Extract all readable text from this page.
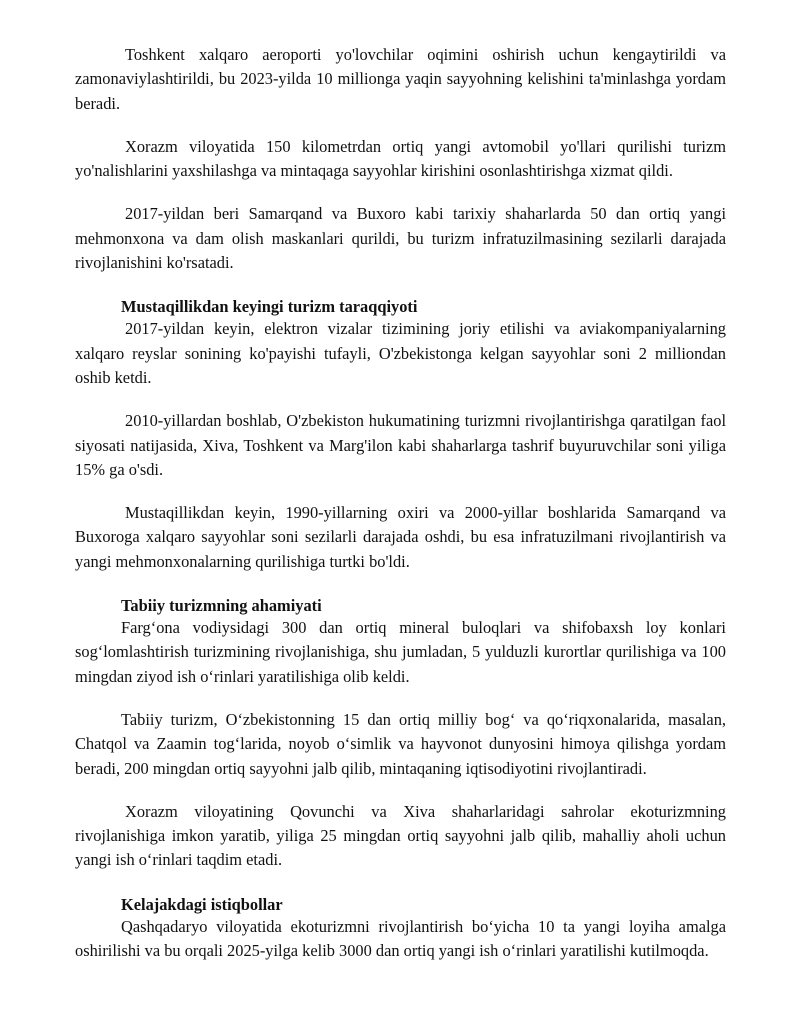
Toshkent xalqaro aeroporti yo'lovchilar oqimini oshirish uchun kengaytirildi va zamonaviylashtirildi, bu 2023-yilda 10 millionga yaqin sayyohning kelishini ta'minlashga yordam beradi.

Xorazm viloyatida 150 kilometrdan ortiq yangi avtomobil yo'llari qurilishi turizm yo'nalishlarini yaxshilashga va mintaqaga sayyohlar kirishini osonlashtirishga xizmat qildi.

2017-yildan beri Samarqand va Buxoro kabi tarixiy shaharlarda 50 dan ortiq yangi mehmonxona va dam olish maskanlari qurildi, bu turizm infratuzilmasining sezilarli darajada rivojlanishini ko'rsatadi.

Mustaqillikdan keyingi turizm taraqqiyoti

2017-yildan keyin, elektron vizalar tizimining joriy etilishi va aviakompaniyalarning xalqaro reyslar sonining ko'payishi tufayli, O'zbekistonga kelgan sayyohlar soni 2 milliondan oshib ketdi.

2010-yillardan boshlab, O'zbekiston hukumatining turizmni rivojlantirishga qaratilgan faol siyosati natijasida, Xiva, Toshkent va Marg'ilon kabi shaharlarga tashrif buyuruvchilar soni yiliga 15% ga o'sdi.

Mustaqillikdan keyin, 1990-yillarning oxiri va 2000-yillar boshlarida Samarqand va Buxoroga xalqaro sayyohlar soni sezilarli darajada oshdi, bu esa infratuzilmani rivojlantirish va yangi mehmonxonalarning qurilishiga turtki bo'ldi.

Tabiiy turizmning ahamiyati

Farg‘ona vodiysidagi 300 dan ortiq mineral buloqlari va shifobaxsh loy konlari sog‘lomlashtirish turizmining rivojlanishiga, shu jumladan, 5 yulduzli kurortlar qurilishiga va 100 mingdan ziyod ish o‘rinlari yaratilishiga olib keldi.

Tabiiy turizm, O‘zbekistonning 15 dan ortiq milliy bog‘ va qo‘riqxonalarida, masalan, Chatqol va Zaamin tog‘larida, noyob o‘simlik va hayvonot dunyosini himoya qilishga yordam beradi, 200 mingdan ortiq sayyohni jalb qilib, mintaqaning iqtisodiyotini rivojlantiradi.

Xorazm viloyatining Qovunchi va Xiva shaharlaridagi sahrolar ekoturizmning rivojlanishiga imkon yaratib, yiliga 25 mingdan ortiq sayyohni jalb qilib, mahalliy aholi uchun yangi ish o‘rinlari taqdim etadi.

Kelajakdagi istiqbollar

Qashqadaryo viloyatida ekoturizmni rivojlantirish bo‘yicha 10 ta yangi loyiha amalga oshirilishi va bu orqali 2025-yilga kelib 3000 dan ortiq yangi ish o‘rinlari yaratilishi kutilmoqda.
